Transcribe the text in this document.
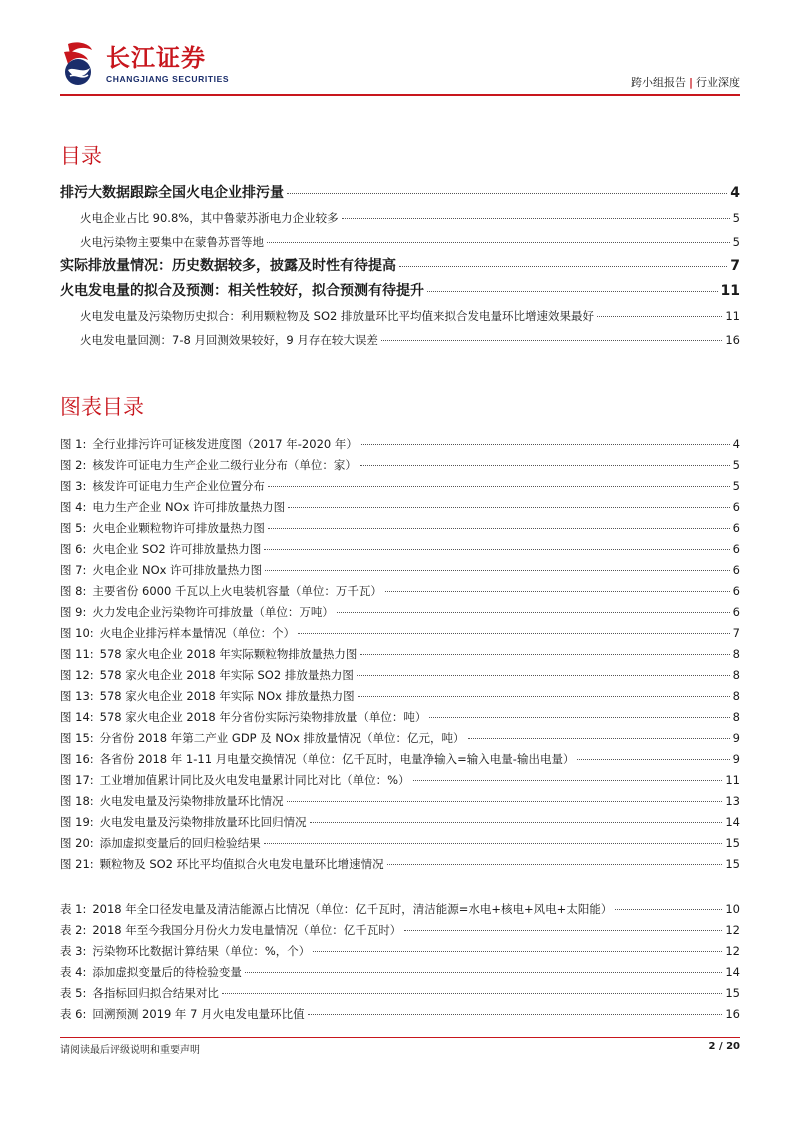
长江证券
CHANGJIANG SECURITIES	跨小组报告 | 行业深度
目录
排污大数据跟踪全国火电企业排污量	4
火电企业占比 90.8%，其中鲁蒙苏浙电力企业较多	5
火电污染物主要集中在蒙鲁苏晋等地	5
实际排放量情况：历史数据较多，披露及时性有待提高	7
火电发电量的拟合及预测：相关性较好，拟合预测有待提升	11
火电发电量及污染物历史拟合：利用颗粒物及 SO2 排放量环比平均值来拟合发电量环比增速效果最好	11
火电发电量回测：7-8 月回测效果较好，9 月存在较大误差	16
图表目录
图 1: 全行业排污许可证核发进度图（2017 年-2020 年）	4
图 2: 核发许可证电力生产企业二级行业分布（单位：家）	5
图 3: 核发许可证电力生产企业位置分布	5
图 4: 电力生产企业 NOx 许可排放量热力图	6
图 5: 火电企业颗粒物许可排放量热力图	6
图 6: 火电企业 SO2 许可排放量热力图	6
图 7: 火电企业 NOx 许可排放量热力图	6
图 8: 主要省份 6000 千瓦以上火电装机容量（单位：万千瓦）	6
图 9: 火力发电企业污染物许可排放量（单位：万吨）	6
图 10: 火电企业排污样本量情况（单位：个）	7
图 11: 578 家火电企业 2018 年实际颗粒物排放量热力图	8
图 12: 578 家火电企业 2018 年实际 SO2 排放量热力图	8
图 13: 578 家火电企业 2018 年实际 NOx 排放量热力图	8
图 14: 578 家火电企业 2018 年分省份实际污染物排放量（单位：吨）	8
图 15: 分省份 2018 年第二产业 GDP 及 NOx 排放量情况（单位：亿元，吨）	9
图 16: 各省份 2018 年 1-11 月电量交换情况（单位：亿千瓦时，电量净输入=输入电量-输出电量）	9
图 17: 工业增加值累计同比及火电发电量累计同比对比（单位：%）	11
图 18: 火电发电量及污染物排放量环比情况	13
图 19: 火电发电量及污染物排放量环比回归情况	14
图 20: 添加虚拟变量后的回归检验结果	15
图 21: 颗粒物及 SO2 环比平均值拟合火电发电量环比增速情况	15
表 1: 2018 年全口径发电量及清洁能源占比情况（单位：亿千瓦时，清洁能源=水电+核电+风电+太阳能）	10
表 2: 2018 年至今我国分月份火力发电量情况（单位：亿千瓦时）	12
表 3: 污染物环比数据计算结果（单位：%，个）	12
表 4: 添加虚拟变量后的待检验变量	14
表 5: 各指标回归拟合结果对比	15
表 6: 回溯预测 2019 年 7 月火电发电量环比值	16
请阅读最后评级说明和重要声明	2 / 20
